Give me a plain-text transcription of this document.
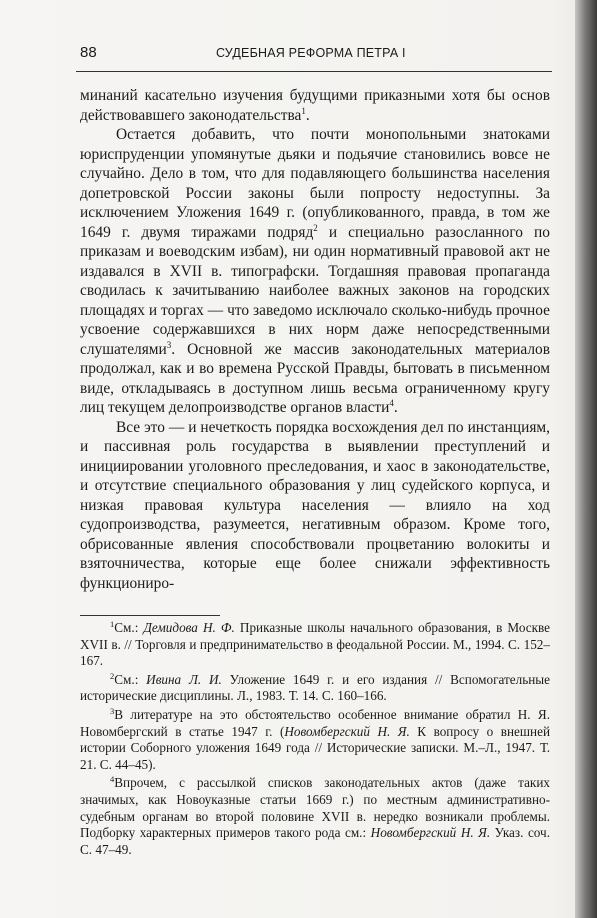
88	СУДЕБНАЯ РЕФОРМА ПЕТРА I

минаний касательно изучения будущими приказными хотя бы основ действовавшего законодательства$^1$.

Остается добавить, что почти монопольными знатоками юриспруденции упомянутые дьяки и подьячие становились вовсе не случайно. Дело в том, что для подавляющего большинства населения допетровской России законы были попросту недоступны. За исключением Уложения 1649 г. (опубликованного, правда, в том же 1649 г. двумя тиражами подряд$^2$ и специально разосланного по приказам и воеводским избам), ни один нормативный правовой акт не издавался в XVII в. типографски. Тогдашняя правовая пропаганда сводилась к зачитыванию наиболее важных законов на городских площадях и торгах — что заведомо исключало сколько-нибудь прочное усвоение содержавшихся в них норм даже непосредственными слушателями$^3$. Основной же массив законодательных материалов продолжал, как и во времена Русской Правды, бытовать в письменном виде, откладываясь в доступном лишь весьма ограниченному кругу лиц текущем делопроизводстве органов власти$^4$.

Все это — и нечеткость порядка восхождения дел по инстанциям, и пассивная роль государства в выявлении преступлений и инициировании уголовного преследования, и хаос в законодательстве, и отсутствие специального образования у лиц судейского корпуса, и низкая правовая культура населения — влияло на ход судопроизводства, разумеется, негативным образом. Кроме того, обрисованные явления способствовали процветанию волокиты и взяточничества, которые еще более снижали эффективность функциониро-

$^1$См.: Демидова Н. Ф. Приказные школы начального образования, в Москве XVII в. // Торговля и предпринимательство в феодальной России. М., 1994. С. 152–167.

$^2$См.: Ивина Л. И. Уложение 1649 г. и его издания // Вспомогательные исторические дисциплины. Л., 1983. Т. 14. С. 160–166.

$^3$В литературе на это обстоятельство особенное внимание обратил Н. Я. Новомбергский в статье 1947 г. (Новомбергский Н. Я. К вопросу о внешней истории Соборного уложения 1649 года // Исторические записки. М.–Л., 1947. Т. 21. С. 44–45).

$^4$Впрочем, с рассылкой списков законодательных актов (даже таких значимых, как Новоуказные статьи 1669 г.) по местным административно-судебным органам во второй половине XVII в. нередко возникали проблемы. Подборку характерных примеров такого рода см.: Новомбергский Н. Я. Указ. соч. С. 47–49.
